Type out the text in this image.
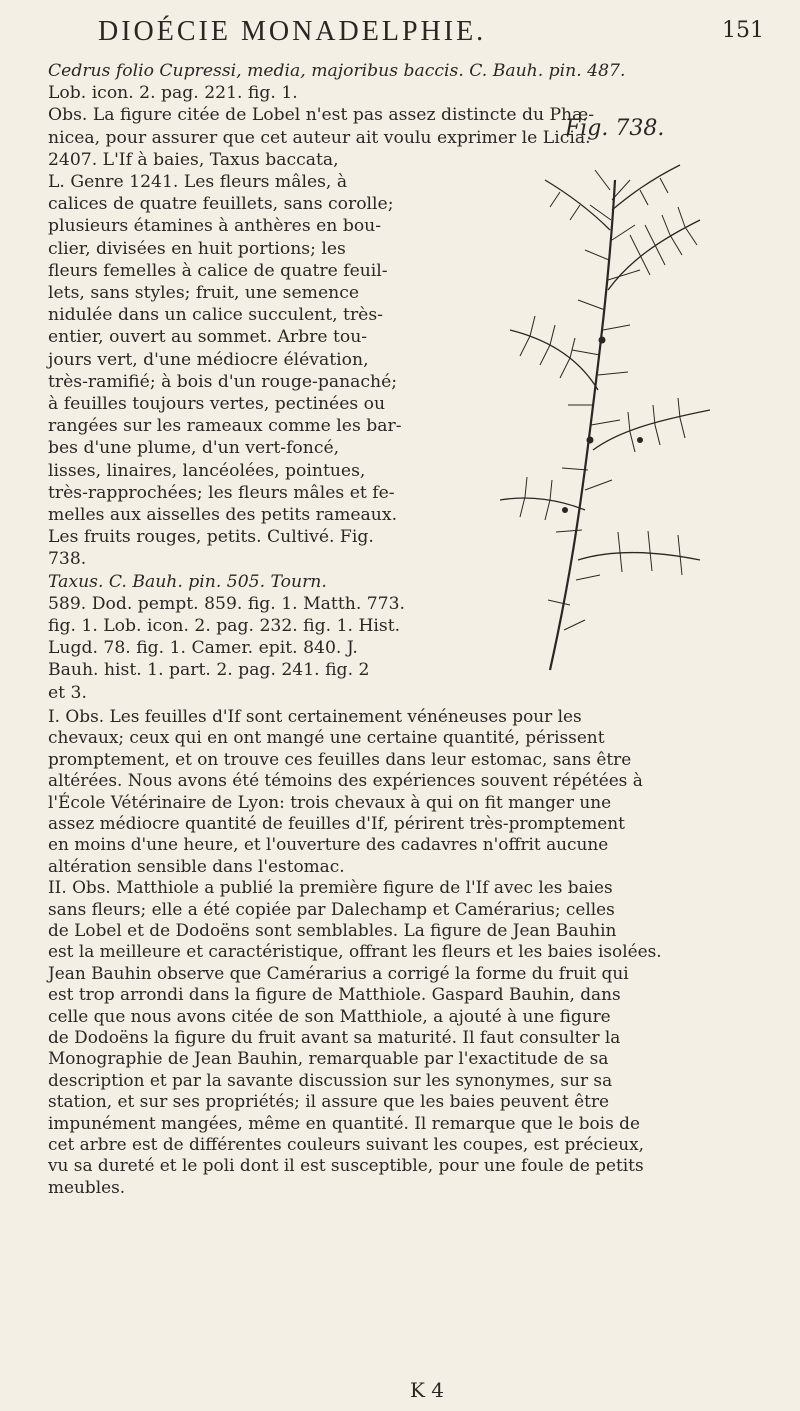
DIOÉCIE MONADELPHIE.	151

Cedrus folio Cupressi, media, majoribus baccis. C. Bauh. pin. 487.

Lob. icon. 2. pag. 221. fig. 1.

Obs. La figure citée de Lobel n'est pas assez distincte du Phæ-

nicea, pour assurer que cet auteur ait voulu exprimer le Licia.

2407. L'If à baies, Taxus baccata,

L. Genre 1241. Les fleurs mâles, à

calices de quatre feuillets, sans corolle;

plusieurs étamines à anthères en bou-

clier, divisées en huit portions; les

fleurs femelles à calice de quatre feuil-

lets, sans styles; fruit, une semence

nidulée dans un calice succulent, très-

entier, ouvert au sommet. Arbre tou-

jours vert, d'une médiocre élévation,

très-ramifié; à bois d'un rouge-panaché;

à feuilles toujours vertes, pectinées ou

rangées sur les rameaux comme les bar-

bes d'une plume, d'un vert-foncé,

lisses, linaires, lancéolées, pointues,

très-rapprochées; les fleurs mâles et fe-

melles aux aisselles des petits rameaux.

Les fruits rouges, petits. Cultivé. Fig.

738.

Taxus. C. Bauh. pin. 505. Tourn.

589. Dod. pempt. 859. fig. 1. Matth. 773.

fig. 1. Lob. icon. 2. pag. 232. fig. 1. Hist.

Lugd. 78. fig. 1. Camer. epit. 840. J.

Bauh. hist. 1. part. 2. pag. 241. fig. 2

et 3.

I. Obs. Les feuilles d'If sont certainement vénéneuses pour les

chevaux; ceux qui en ont mangé une certaine quantité, périssent

promptement, et on trouve ces feuilles dans leur estomac, sans être

altérées. Nous avons été témoins des expériences souvent répétées à

l'École Vétérinaire de Lyon: trois chevaux à qui on fit manger une

assez médiocre quantité de feuilles d'If, périrent très-promptement

en moins d'une heure, et l'ouverture des cadavres n'offrit aucune

altération sensible dans l'estomac.

II. Obs. Matthiole a publié la première figure de l'If avec les baies

sans fleurs; elle a été copiée par Dalechamp et Camérarius; celles

de Lobel et de Dodoëns sont semblables. La figure de Jean Bauhin

est la meilleure et caractéristique, offrant les fleurs et les baies isolées.

Jean Bauhin observe que Camérarius a corrigé la forme du fruit qui

est trop arrondi dans la figure de Matthiole. Gaspard Bauhin, dans

celle que nous avons citée de son Matthiole, a ajouté à une figure

de Dodoëns la figure du fruit avant sa maturité. Il faut consulter la

Monographie de Jean Bauhin, remarquable par l'exactitude de sa

description et par la savante discussion sur les synonymes, sur sa

station, et sur ses propriétés; il assure que les baies peuvent être

impunément mangées, même en quantité. Il remarque que le bois de

cet arbre est de différentes couleurs suivant les coupes, est précieux,

vu sa dureté et le poli dont il est susceptible, pour une foule de petits

meubles.

Fig. 738.
K 4
